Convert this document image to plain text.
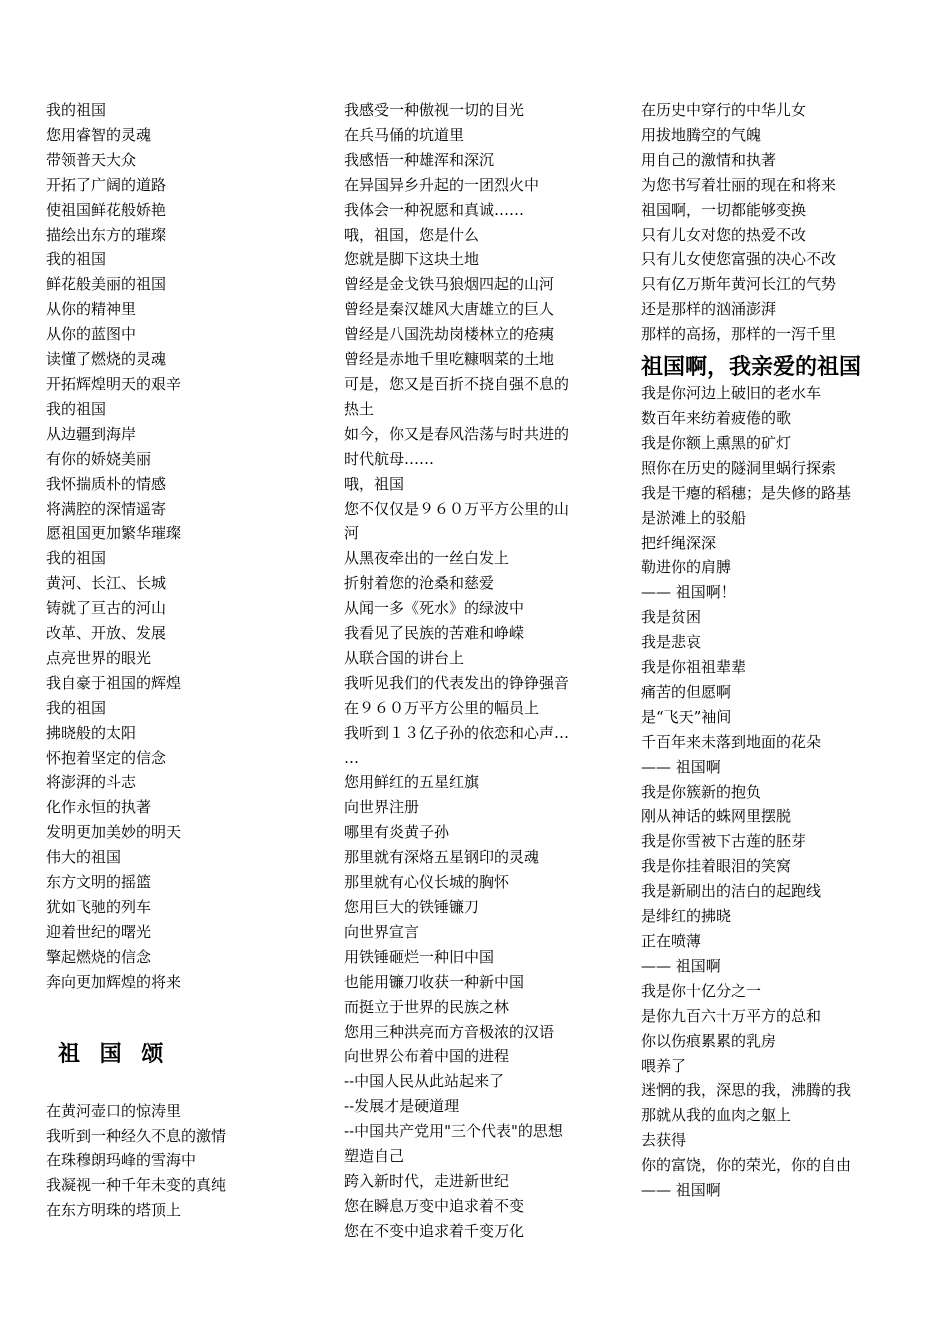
我的祖国
您用睿智的灵魂
带领普天大众
开拓了广阔的道路
使祖国鲜花般娇艳
描绘出东方的璀璨
我的祖国
鲜花般美丽的祖国
从你的精神里
从你的蓝图中
读懂了燃烧的灵魂
开拓辉煌明天的艰辛
我的祖国
从边疆到海岸
有你的娇娆美丽
我怀揣质朴的情感
将满腔的深情遥寄
愿祖国更加繁华璀璨
我的祖国
黄河、长江、长城
铸就了亘古的河山
改革、开放、发展
点亮世界的眼光
我自豪于祖国的辉煌
我的祖国
拂晓般的太阳
怀抱着坚定的信念
将澎湃的斗志
化作永恒的执著
发明更加美妙的明天
伟大的祖国
东方文明的摇篮
犹如飞驰的列车
迎着世纪的曙光
擎起燃烧的信念
奔向更加辉煌的将来
祖 国 颂
在黄河壶口的惊涛里
我听到一种经久不息的激情
在珠穆朗玛峰的雪海中
我凝视一种千年未变的真纯
在东方明珠的塔顶上
我感受一种傲视一切的目光
在兵马俑的坑道里
我感悟一种雄浑和深沉
在异国异乡升起的一团烈火中
我体会一种祝愿和真诚……
哦，祖国，您是什么
您就是脚下这块土地
曾经是金戈铁马狼烟四起的山河
曾经是秦汉雄风大唐雄立的巨人
曾经是八国洗劫岗楼林立的疮痍
曾经是赤地千里吃糠咽菜的土地
可是，您又是百折不挠自强不息的
热土
如今，你又是春风浩荡与时共进的
时代航母……
哦，祖国
您不仅仅是９６０万平方公里的山
河
从黑夜牵出的一丝白发上
折射着您的沧桑和慈爱
从闻一多《死水》的绿波中
我看见了民族的苦难和峥嵘
从联合国的讲台上
我听见我们的代表发出的铮铮强音
在９６０万平方公里的幅员上
我听到１３亿子孙的依恋和心声…
…
您用鲜红的五星红旗
向世界注册
哪里有炎黄子孙
那里就有深烙五星钢印的灵魂
那里就有心仪长城的胸怀
您用巨大的铁锤镰刀
向世界宣言
用铁锤砸烂一种旧中国
也能用镰刀收获一种新中国
而挺立于世界的民族之林
您用三种洪亮而方音极浓的汉语
向世界公布着中国的进程
--中国人民从此站起来了
--发展才是硬道理
--中国共产党用"三个代表"的思想
塑造自己
跨入新时代，走进新世纪
您在瞬息万变中追求着不变
您在不变中追求着千变万化
在历史中穿行的中华儿女
用拔地腾空的气魄
用自己的激情和执著
为您书写着壮丽的现在和将来
祖国啊，一切都能够变换
只有儿女对您的热爱不改
只有儿女使您富强的决心不改
只有亿万斯年黄河长江的气势
还是那样的汹涌澎湃
那样的高扬，那样的一泻千里
祖国啊，我亲爱的祖国
我是你河边上破旧的老水车
数百年来纺着疲倦的歌
我是你额上熏黑的矿灯
照你在历史的隧洞里蜗行探索
我是干瘪的稻穗；是失修的路基
是淤滩上的驳船
把纤绳深深
勒进你的肩膊
—— 祖国啊！
我是贫困
我是悲哀
我是你祖祖辈辈
痛苦的但愿啊
是“飞天”袖间
千百年来未落到地面的花朵
—— 祖国啊
我是你簇新的抱负
刚从神话的蛛网里摆脱
我是你雪被下古莲的胚芽
我是你挂着眼泪的笑窝
我是新刷出的洁白的起跑线
是绯红的拂晓
正在喷薄
—— 祖国啊
我是你十亿分之一
是你九百六十万平方的总和
你以伤痕累累的乳房
喂养了
迷惘的我，深思的我，沸腾的我
那就从我的血肉之躯上
去获得
你的富饶，你的荣光，你的自由
—— 祖国啊
